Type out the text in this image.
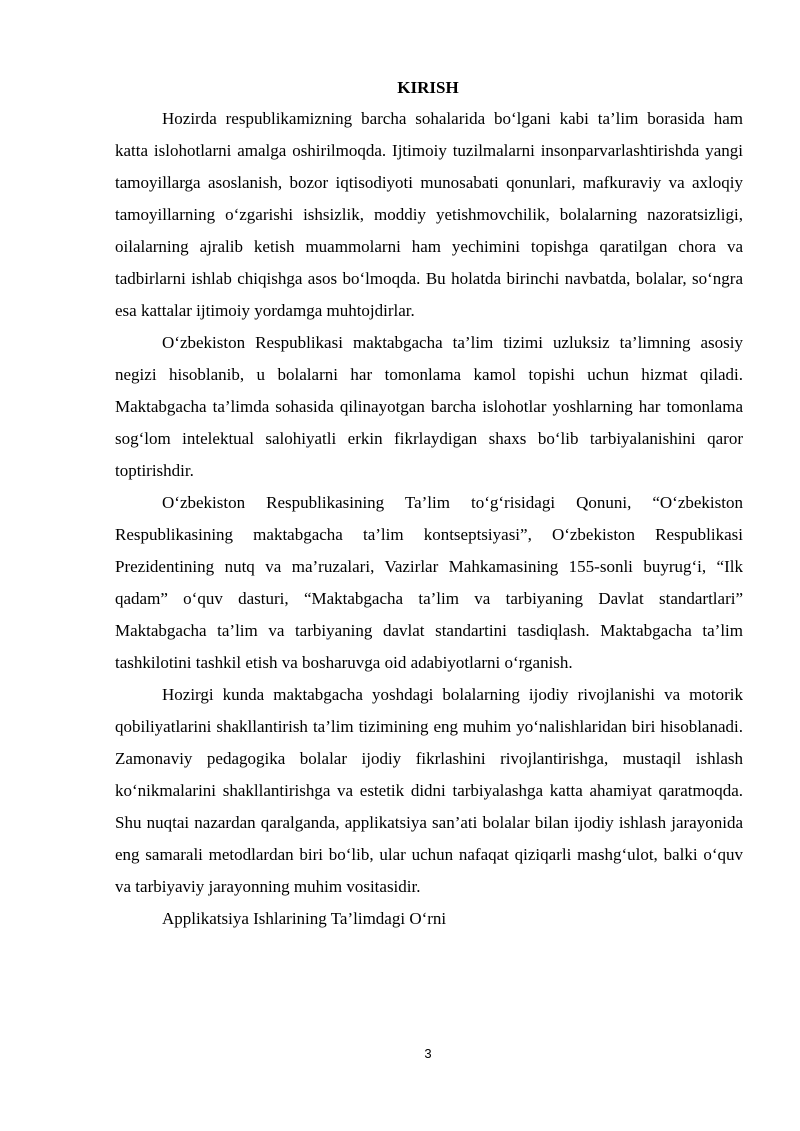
KIRISH

Hozirda respublikamizning barcha sohalarida bo‘lgani kabi ta’lim borasida ham katta islohotlarni amalga oshirilmoqda. Ijtimoiy tuzilmalarni insonparvarlashtirishda yangi tamoyillarga asoslanish, bozor iqtisodiyoti munosabati qonunlari, mafkuraviy va axloqiy tamoyillarning o‘zgarishi ishsizlik, moddiy yetishmovchilik, bolalarning nazoratsizligi, oilalarning ajralib ketish muammolarni ham yechimini topishga qaratilgan chora va tadbirlarni ishlab chiqishga asos bo‘lmoqda. Bu holatda birinchi navbatda, bolalar, so‘ngra esa kattalar ijtimoiy yordamga muhtojdirlar.

O‘zbekiston Respublikasi maktabgacha ta’lim tizimi uzluksiz ta’limning asosiy negizi hisoblanib, u bolalarni har tomonlama kamol topishi uchun hizmat qiladi. Maktabgacha ta’limda sohasida qilinayotgan barcha islohotlar yoshlarning har tomonlama sog‘lom intelektual salohiyatli erkin fikrlaydigan shaxs bo‘lib tarbiyalanishini qaror toptirishdir.

O‘zbekiston Respublikasining Ta’lim to‘g‘risidagi Qonuni, “O‘zbekiston Respublikasining maktabgacha ta’lim kontseptsiyasi”, O‘zbekiston Respublikasi Prezidentining nutq va ma’ruzalari, Vazirlar Mahkamasining 155-sonli buyrug‘i, “Ilk qadam” o‘quv dasturi, “Maktabgacha ta’lim va tarbiyaning Davlat standartlari” Maktabgacha ta’lim va tarbiyaning davlat standartini tasdiqlash. Maktabgacha ta’lim tashkilotini tashkil etish va bosharuvga oid adabiyotlarni o‘rganish.

Hozirgi kunda maktabgacha yoshdagi bolalarning ijodiy rivojlanishi va motorik qobiliyatlarini shakllantirish ta’lim tizimining eng muhim yo‘nalishlaridan biri hisoblanadi. Zamonaviy pedagogika bolalar ijodiy fikrlashini rivojlantirishga, mustaqil ishlash ko‘nikmalarini shakllantirishga va estetik didni tarbiyalashga katta ahamiyat qaratmoqda. Shu nuqtai nazardan qaralganda, applikatsiya san’ati bolalar bilan ijodiy ishlash jarayonida eng samarali metodlardan biri bo‘lib, ular uchun nafaqat qiziqarli mashg‘ulot, balki o‘quv va tarbiyaviy jarayonning muhim vositasidir.

Applikatsiya Ishlarining Ta’limdagi O‘rni

3
